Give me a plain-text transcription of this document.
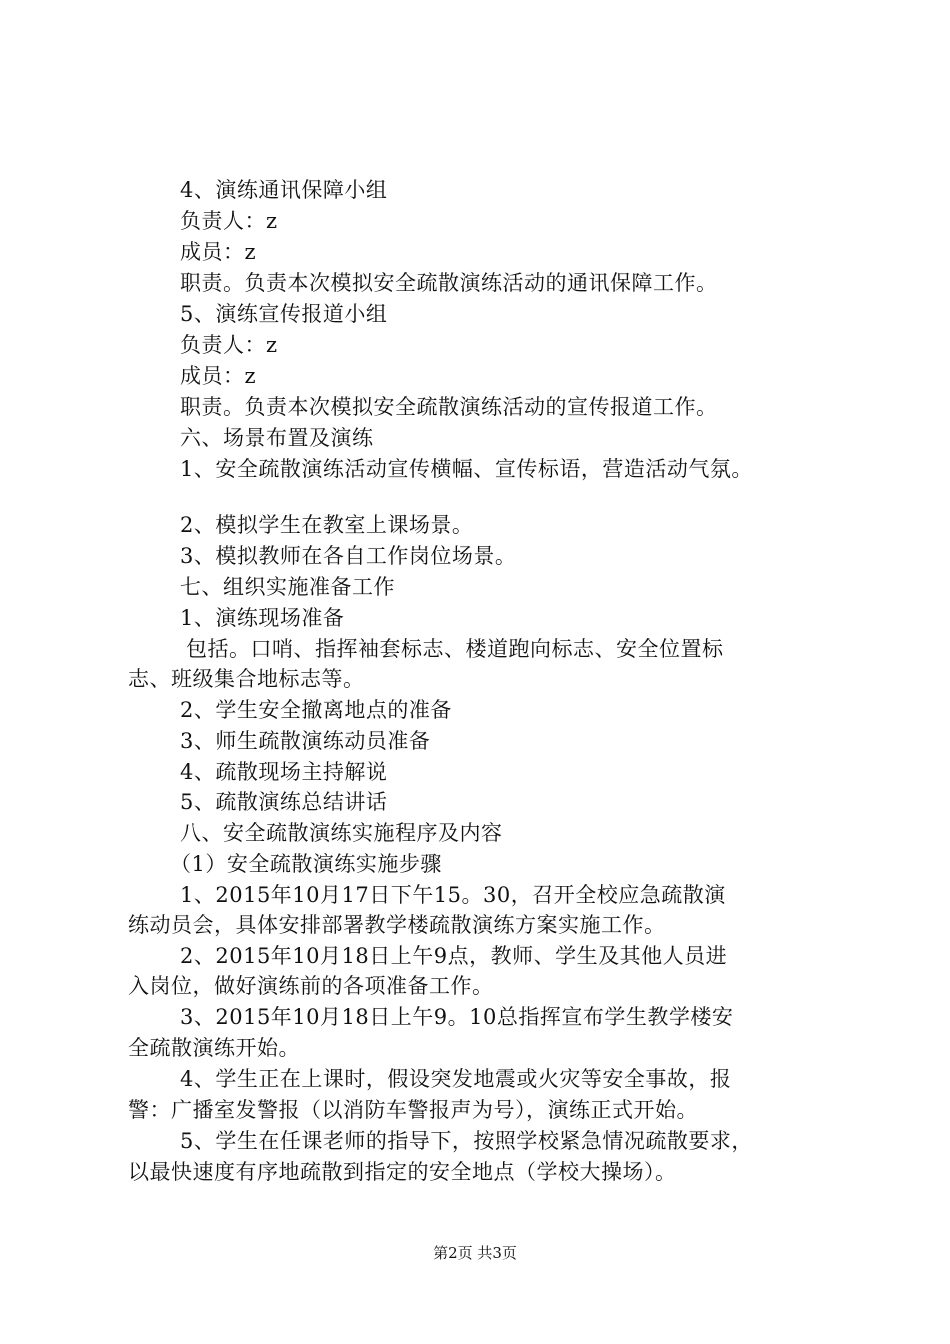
4、演练通讯保障小组
负责人：z
成员：z
职责。负责本次模拟安全疏散演练活动的通讯保障工作。
5、演练宣传报道小组
负责人：z
成员：z
职责。负责本次模拟安全疏散演练活动的宣传报道工作。
六、场景布置及演练
1、安全疏散演练活动宣传横幅、宣传标语，营造活动气氛。
2、模拟学生在教室上课场景。
3、模拟教师在各自工作岗位场景。
七、组织实施准备工作
1、演练现场准备
包括。口哨、指挥袖套标志、楼道跑向标志、安全位置标
志、班级集合地标志等。
2、学生安全撤离地点的准备
3、师生疏散演练动员准备
4、疏散现场主持解说
5、疏散演练总结讲话
八、安全疏散演练实施程序及内容
（1）安全疏散演练实施步骤
1、2015年10月17日下午15。30，召开全校应急疏散演
练动员会，具体安排部署教学楼疏散演练方案实施工作。
2、2015年10月18日上午9点，教师、学生及其他人员进
入岗位，做好演练前的各项准备工作。
3、2015年10月18日上午9。10总指挥宣布学生教学楼安
全疏散演练开始。
4、学生正在上课时，假设突发地震或火灾等安全事故，报
警：广播室发警报（以消防车警报声为号），演练正式开始。
5、学生在任课老师的指导下，按照学校紧急情况疏散要求，
以最快速度有序地疏散到指定的安全地点（学校大操场）。
第2页 共3页
